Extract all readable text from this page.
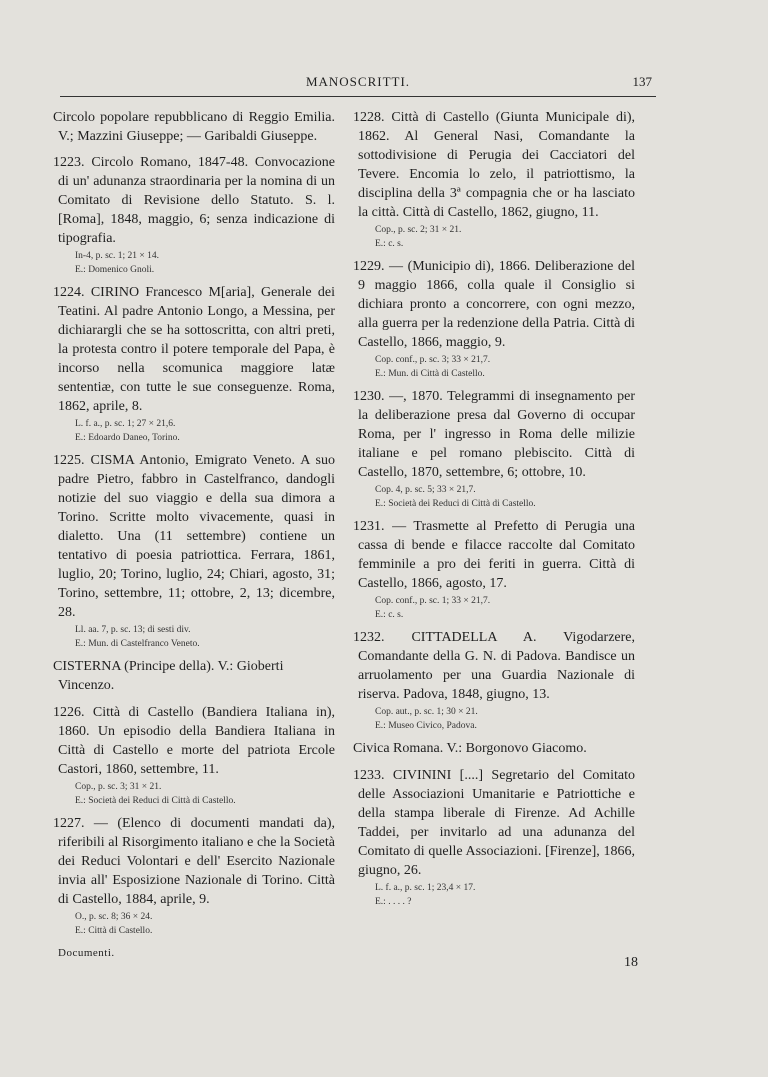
MANOSCRITTI.	137

Circolo popolare repubblicano di Reggio Emilia. V.; Mazzini Giuseppe; — Garibaldi Giuseppe.

1223. Circolo Romano, 1847-48. Convocazione di un' adunanza straordinaria per la nomina di un Comitato di Revisione dello Statuto. S. l. [Roma], 1848, maggio, 6; senza indicazione di tipografia.

In-4, p. sc. 1; 21 × 14.
E.: Domenico Gnoli.

1224. CIRINO Francesco M[aria], Generale dei Teatini. Al padre Antonio Longo, a Messina, per dichiarargli che se ha sottoscritta, con altri preti, la protesta contro il potere temporale del Papa, è incorso nella scomunica maggiore latæ sententiæ, con tutte le sue conseguenze. Roma, 1862, aprile, 8.

L. f. a., p. sc. 1; 27 × 21,6.
E.: Edoardo Daneo, Torino.

1225. CISMA Antonio, Emigrato Veneto. A suo padre Pietro, fabbro in Castelfranco, dandogli notizie del suo viaggio e della sua dimora a Torino. Scritte molto vivacemente, quasi in dialetto. Una (11 settembre) contiene un tentativo di poesia patriottica. Ferrara, 1861, luglio, 20; Torino, luglio, 24; Chiari, agosto, 31; Torino, settembre, 11; ottobre, 2, 13; dicembre, 28.

Ll. aa. 7, p. sc. 13; di sesti div.
E.: Mun. di Castelfranco Veneto.

CISTERNA (Principe della). V.: Gioberti Vincenzo.

1226. Città di Castello (Bandiera Italiana in), 1860. Un episodio della Bandiera Italiana in Città di Castello e morte del patriota Ercole Castori, 1860, settembre, 11.

Cop., p. sc. 3; 31 × 21.
E.: Società dei Reduci di Città di Castello.

1227. — (Elenco di documenti mandati da), riferibili al Risorgimento italiano e che la Società dei Reduci Volontari e dell' Esercito Nazionale invia all' Esposizione Nazionale di Torino. Città di Castello, 1884, aprile, 9.

O., p. sc. 8; 36 × 24.
E.: Città di Castello.
Documenti.

1228. Città di Castello (Giunta Municipale di), 1862. Al General Nasi, Comandante la sottodivisione di Perugia dei Cacciatori del Tevere. Encomia lo zelo, il patriottismo, la disciplina della 3ª compagnia che or ha lasciato la città. Città di Castello, 1862, giugno, 11.

Cop., p. sc. 2; 31 × 21.
E.: c. s.

1229. — (Municipio di), 1866. Deliberazione del 9 maggio 1866, colla quale il Consiglio si dichiara pronto a concorrere, con ogni mezzo, alla guerra per la redenzione della Patria. Città di Castello, 1866, maggio, 9.

Cop. conf., p. sc. 3; 33 × 21,7.
E.: Mun. di Città di Castello.

1230. —, 1870. Telegrammi di insegnamento per la deliberazione presa dal Governo di occupar Roma, per l' ingresso in Roma delle milizie italiane e pel romano plebiscito. Città di Castello, 1870, settembre, 6; ottobre, 10.

Cop. 4, p. sc. 5; 33 × 21,7.
E.: Società dei Reduci di Città di Castello.

1231. — Trasmette al Prefetto di Perugia una cassa di bende e filacce raccolte dal Comitato femminile a pro dei feriti in guerra. Città di Castello, 1866, agosto, 17.

Cop. conf., p. sc. 1; 33 × 21,7.
E.: c. s.

1232. CITTADELLA A. Vigodarzere, Comandante della G. N. di Padova. Bandisce un arruolamento per una Guardia Nazionale di riserva. Padova, 1848, giugno, 13.

Cop. aut., p. sc. 1; 30 × 21.
E.: Museo Civico, Padova.

Civica Romana. V.: Borgonovo Giacomo.

1233. CIVININI [....] Segretario del Comitato delle Associazioni Umanitarie e Patriottiche e della stampa liberale di Firenze. Ad Achille Taddei, per invitarlo ad una adunanza del Comitato di quelle Associazioni. [Firenze], 1866, giugno, 26.

L. f. a., p. sc. 1; 23,4 × 17.
E.: . . . . ?
18
